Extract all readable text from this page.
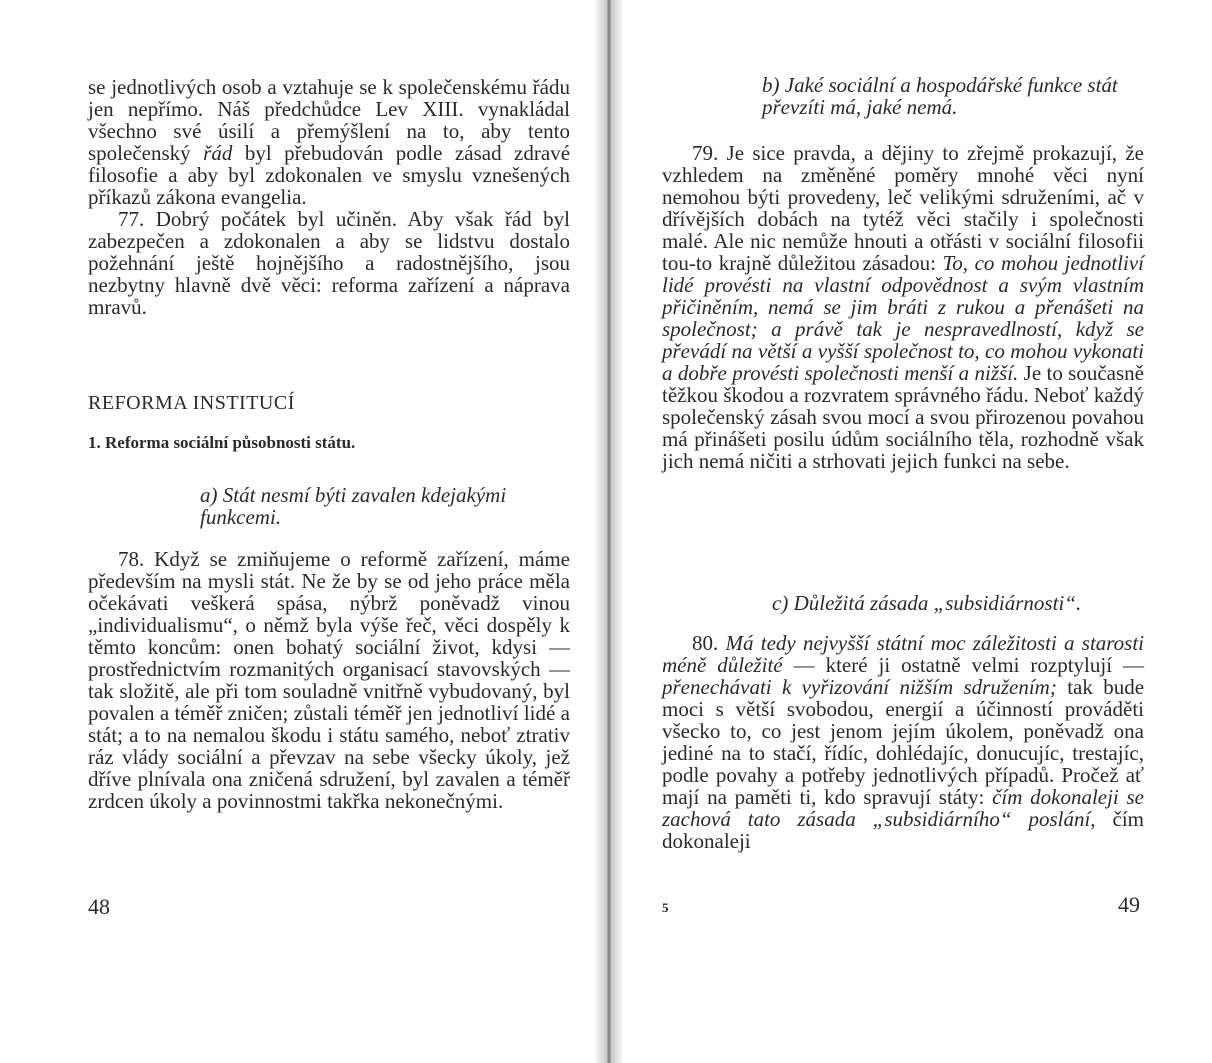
se jednotlivých osob a vztahuje se k společenskému řádu jen nepřímo. Náš předchůdce Lev XIII. vynakládal všechno své úsilí a přemýšlení na to, aby tento společenský řád byl přebudován podle zásad zdravé filosofie a aby byl zdokonalen ve smyslu vznešených příkazů zákona evangelia.

77. Dobrý počátek byl učiněn. Aby však řád byl zabezpečen a zdokonalen a aby se lidstvu dostalo požehnání ještě hojnějšího a radostnějšího, jsou nezbytny hlavně dvě věci: reforma zařízení a náprava mravů.

REFORMA INSTITUCÍ
1. Reforma sociální působnosti státu.
a) Stát nesmí býti zavalen kdejakými funkcemi.

78. Když se zmiňujeme o reformě zařízení, máme především na mysli stát. Ne že by se od jeho práce měla očekávati veškerá spása, nýbrž poněvadž vinou „individualismu“, o němž byla výše řeč, věci dospěly k těmto koncům: onen bohatý sociální život, kdysi — prostřednictvím rozmanitých organisací stavovských — tak složitě, ale při tom souladně vnitřně vybudovaný, byl povalen a téměř zničen; zůstali téměř jen jednotliví lidé a stát; a to na nemalou škodu i státu samého, neboť ztrativ ráz vlády sociální a převzav na sebe všecky úkoly, jež dříve plnívala ona zničená sdružení, byl zavalen a téměř zrdcen úkoly a povinnostmi takřka nekonečnými.

48
b) Jaké sociální a hospodářské funkce stát převzíti má, jaké nemá.

79. Je sice pravda, a dějiny to zřejmě prokazují, že vzhledem na změněné poměry mnohé věci nyní nemohou býti provedeny, leč velikými sdruženími, ač v dřívějších dobách na tytéž věci stačily i společnosti malé. Ale nic nemůže hnouti a otřásti v sociální filosofii tou-to krajně důležitou zásadou: To, co mohou jednotliví lidé provésti na vlastní odpovědnost a svým vlastním přičiněním, nemá se jim bráti z rukou a přenášeti na společnost; a právě tak je nespravedlností, když se převádí na větší a vyšší společnost to, co mohou vykonati a dobře provésti společnosti menší a nižší. Je to současně těžkou škodou a rozvratem správného řádu. Neboť každý společenský zásah svou mocí a svou přirozenou povahou má přinášeti posilu údům sociálního těla, rozhodně však jich nemá ničiti a strhovati jejich funkci na sebe.

c) Důležitá zásada „subsidiárnosti“.

80. Má tedy nejvyšší státní moc záležitosti a starosti méně důležité — které ji ostatně velmi rozptylují — přenechávati k vyřizování nižším sdružením; tak bude moci s větší svobodou, energií a účinností prováděti všecko to, co jest jenom jejím úkolem, poněvadž ona jediné na to stačí, řídíc, dohlédajíc, donucujíc, trestajíc, podle povahy a potřeby jednotlivých případů. Pročež ať mají na paměti ti, kdo spravují státy: čím dokonaleji se zachová tato zásada „subsidiárního“ poslání, čím dokonaleji

5	49
